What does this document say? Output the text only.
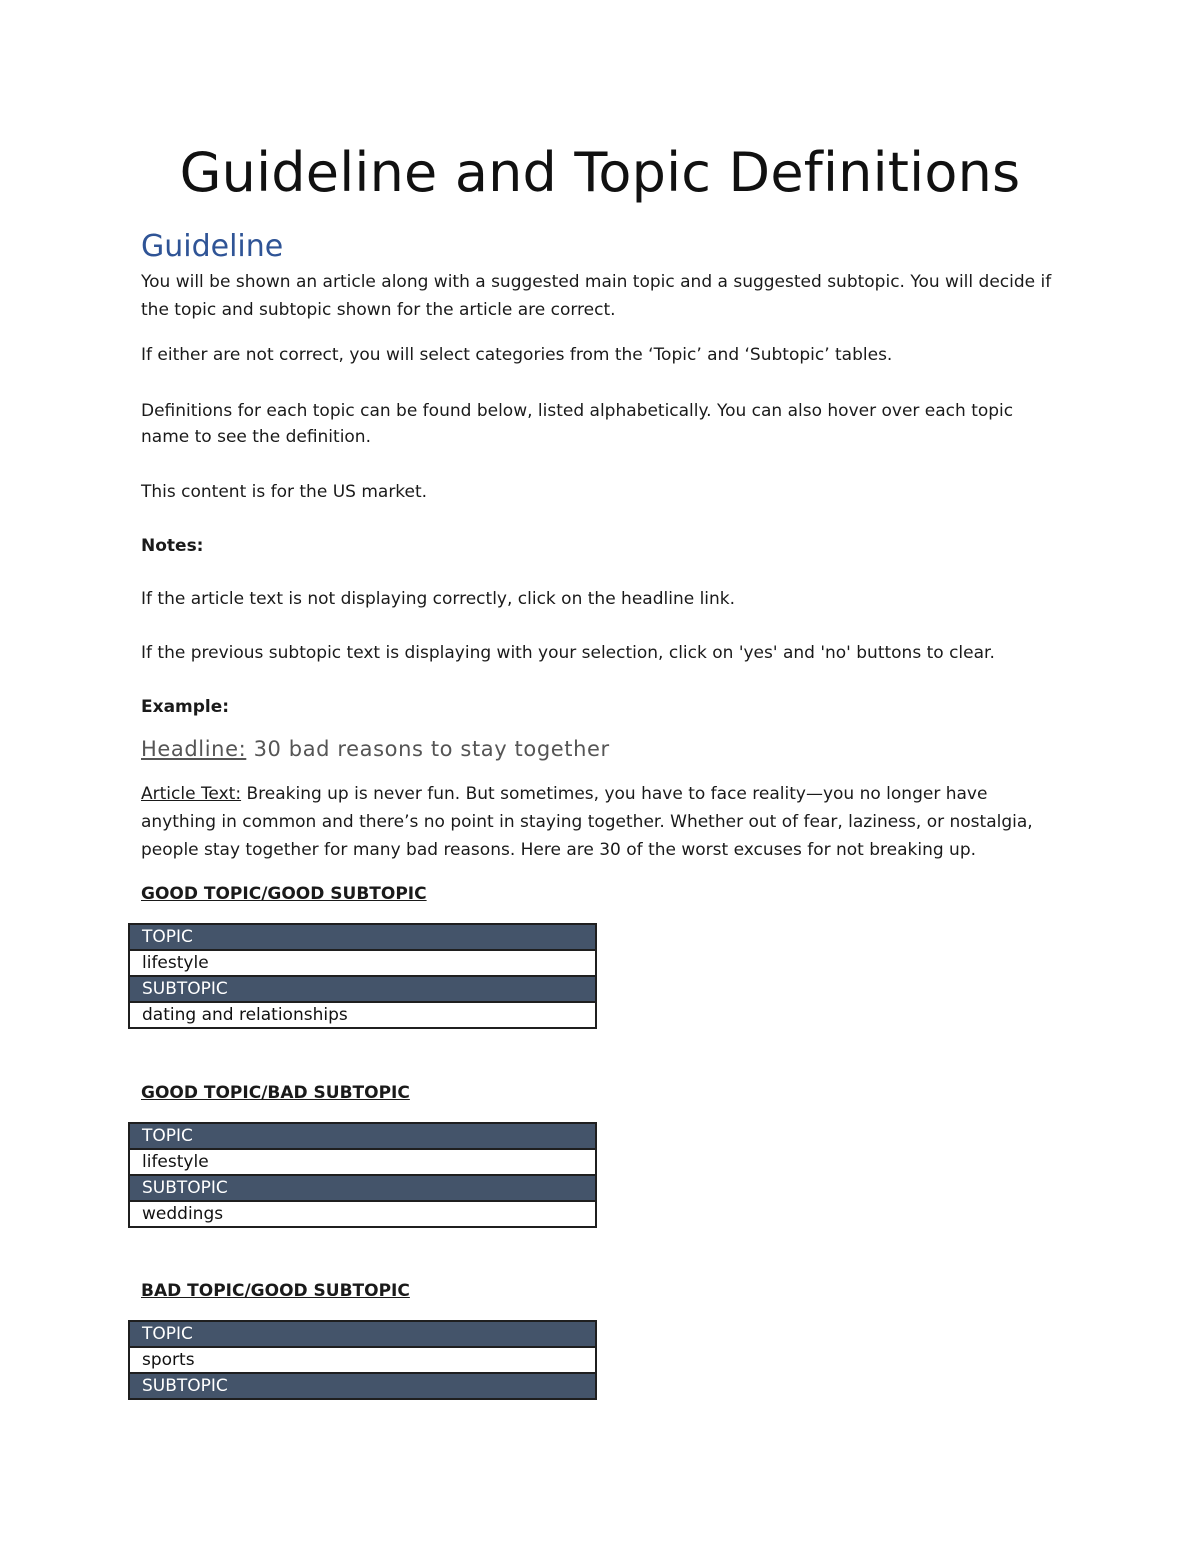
Guideline and Topic Definitions
Guideline

You will be shown an article along with a suggested main topic and a suggested subtopic. You will decide if the topic and subtopic shown for the article are correct.

If either are not correct, you will select categories from the ‘Topic’ and ‘Subtopic’ tables.

Definitions for each topic can be found below, listed alphabetically. You can also hover over each topic name to see the definition.

This content is for the US market.

Notes:

If the article text is not displaying correctly, click on the headline link.

If the previous subtopic text is displaying with your selection, click on 'yes' and 'no' buttons to clear.

Example:

Headline: 30 bad reasons to stay together

Article Text: Breaking up is never fun. But sometimes, you have to face reality—you no longer have anything in common and there’s no point in staying together. Whether out of fear, laziness, or nostalgia, people stay together for many bad reasons. Here are 30 of the worst excuses for not breaking up.

GOOD TOPIC/GOOD SUBTOPIC

TOPIC
lifestyle
SUBTOPIC
dating and relationships

GOOD TOPIC/BAD SUBTOPIC

TOPIC
lifestyle
SUBTOPIC
weddings

BAD TOPIC/GOOD SUBTOPIC

TOPIC
sports
SUBTOPIC
